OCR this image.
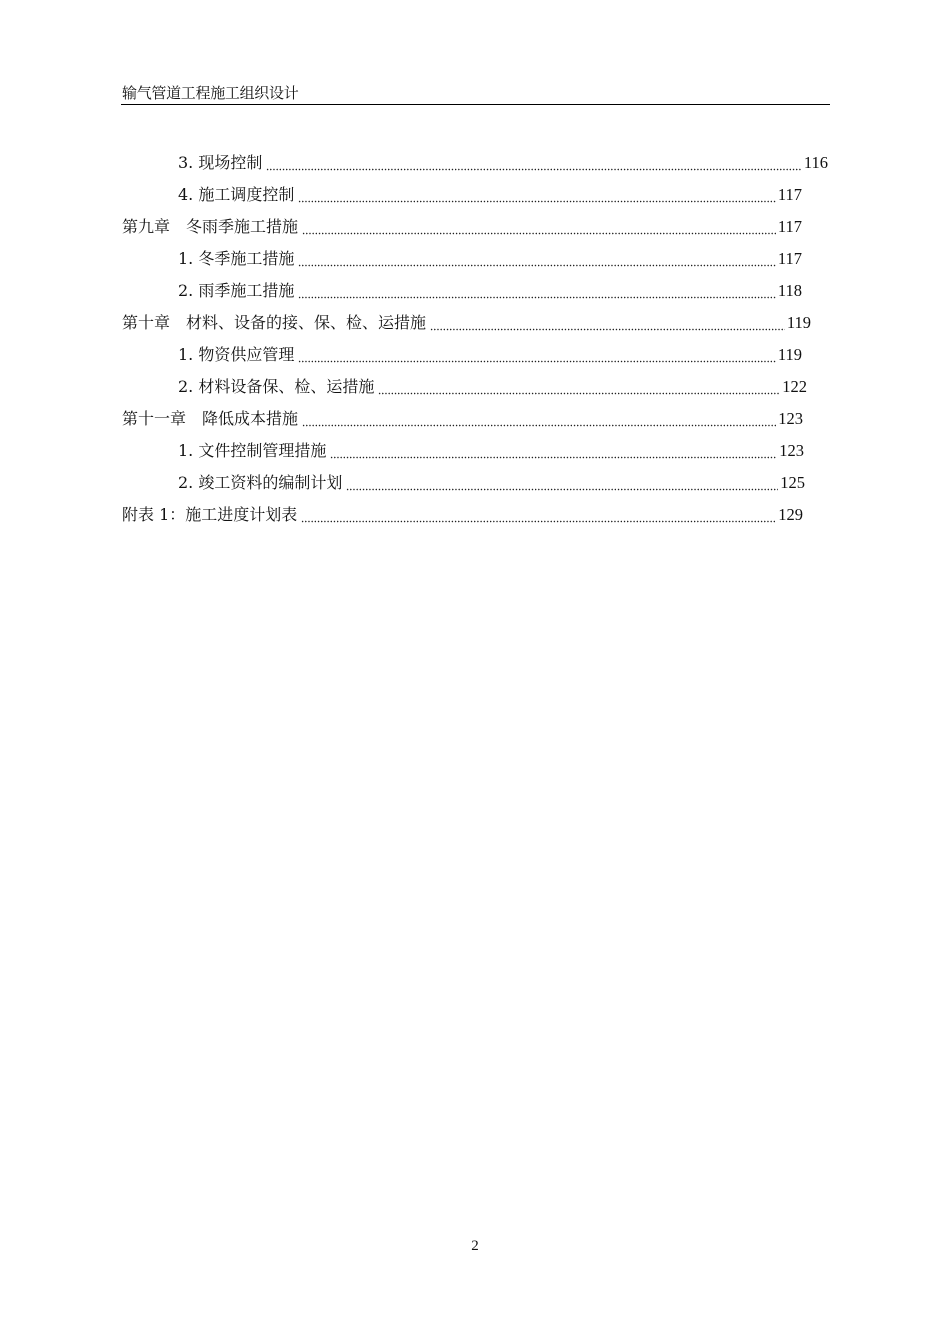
输气管道工程施工组织设计
3. 现场控制	116
4. 施工调度控制	117
第九章　冬雨季施工措施	117
1. 冬季施工措施	117
2. 雨季施工措施	118
第十章　材料、设备的接、保、检、运措施	119
1. 物资供应管理	119
2. 材料设备保、检、运措施	122
第十一章　降低成本措施	123
1. 文件控制管理措施	123
2. 竣工资料的编制计划	125
附表 1：施工进度计划表	129
2
